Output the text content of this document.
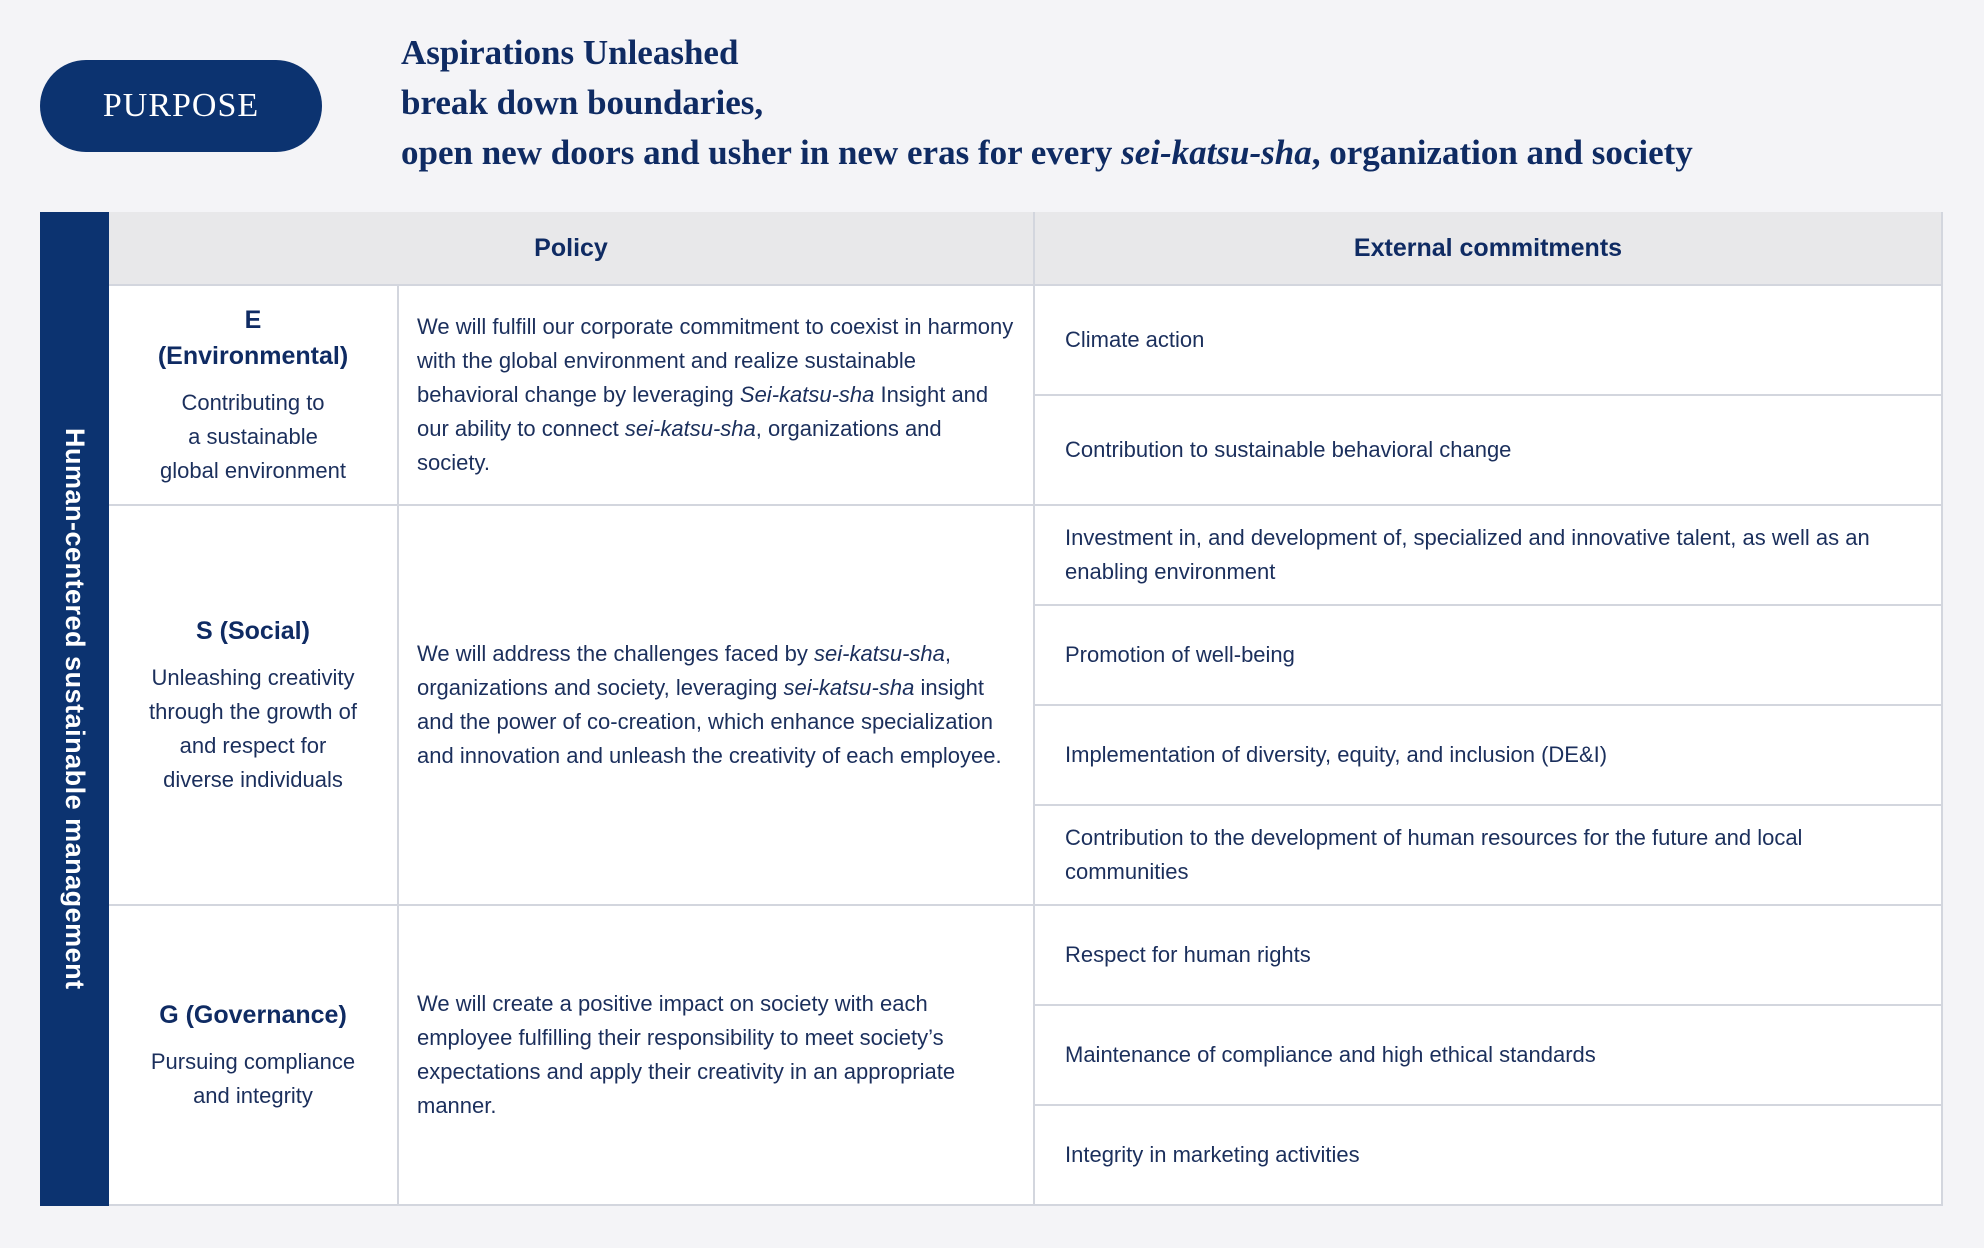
PURPOSE
Aspirations Unleashed
break down boundaries,
open new doors and usher in new eras for every sei-katsu-sha, organization and society
Human-centered sustainable management
Policy	External commitments
E
(Environmental)
Contributing to
a sustainable
global environment
We will fulfill our corporate commitment to coexist in harmony with the global environment and realize sustainable behavioral change by leveraging Sei-katsu-sha Insight and our ability to connect sei-katsu-sha, organizations and society.
Climate action
Contribution to sustainable behavioral change
S (Social)
Unleashing creativity
through the growth of
and respect for
diverse individuals
We will address the challenges faced by sei-katsu-sha, organizations and society, leveraging sei-katsu-sha insight and the power of co-creation, which enhance specialization and innovation and unleash the creativity of each employee.
Investment in, and development of, specialized and innovative talent, as well as an enabling environment
Promotion of well-being
Implementation of diversity, equity, and inclusion (DE&I)
Contribution to the development of human resources for the future and local communities
G (Governance)
Pursuing compliance
and integrity
We will create a positive impact on society with each employee fulfilling their responsibility to meet society’s expectations and apply their creativity in an appropriate manner.
Respect for human rights
Maintenance of compliance and high ethical standards
Integrity in marketing activities
